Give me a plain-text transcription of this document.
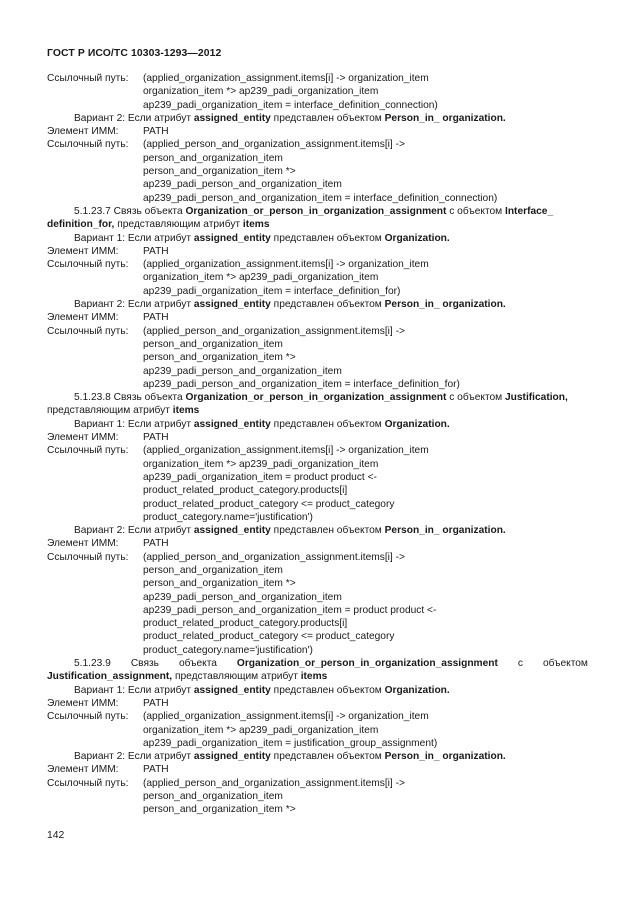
ГОСТ Р ИСО/ТС 10303-1293—2012
Ссылочный путь: (applied_organization_assignment.items[i] -> organization_item
organization_item *> ap239_padi_organization_item
ap239_padi_organization_item = interface_definition_connection)
Вариант 2: Если атрибут assigned_entity представлен объектом Person_in_ organization.
Элемент ИММ: PATH
Ссылочный путь: (applied_person_and_organization_assignment.items[i] ->
person_and_organization_item
person_and_organization_item *>
ap239_padi_person_and_organization_item
ap239_padi_person_and_organization_item = interface_definition_connection)
5.1.23.7 Связь объекта Organization_or_person_in_organization_assignment с объектом Interface_
definition_for, представляющим атрибут items
Вариант 1: Если атрибут assigned_entity представлен объектом Organization.
Элемент ИММ: PATH
Ссылочный путь: (applied_organization_assignment.items[i] -> organization_item
organization_item *> ap239_padi_organization_item
ap239_padi_organization_item = interface_definition_for)
Вариант 2: Если атрибут assigned_entity представлен объектом Person_in_ organization.
Элемент ИММ: PATH
Ссылочный путь: (applied_person_and_organization_assignment.items[i] ->
person_and_organization_item
person_and_organization_item *>
ap239_padi_person_and_organization_item
ap239_padi_person_and_organization_item = interface_definition_for)
5.1.23.8 Связь объекта Organization_or_person_in_organization_assignment с объектом Justification,
представляющим атрибут items
Вариант 1: Если атрибут assigned_entity представлен объектом Organization.
Элемент ИММ: PATH
Ссылочный путь: (applied_organization_assignment.items[i] -> organization_item
organization_item *> ap239_padi_organization_item
ap239_padi_organization_item = product product <-
product_related_product_category.products[i]
product_related_product_category <= product_category
product_category.name='justification')
Вариант 2: Если атрибут assigned_entity представлен объектом Person_in_ organization.
Элемент ИММ: PATH
Ссылочный путь: (applied_person_and_organization_assignment.items[i] ->
person_and_organization_item
person_and_organization_item *>
ap239_padi_person_and_organization_item
ap239_padi_person_and_organization_item = product product <-
product_related_product_category.products[i]
product_related_product_category <= product_category
product_category.name='justification')
5.1.23.9 Связь объекта Organization_or_person_in_organization_assignment с объектом
Justification_assignment, представляющим атрибут items
Вариант 1: Если атрибут assigned_entity представлен объектом Organization.
Элемент ИММ: PATH
Ссылочный путь: (applied_organization_assignment.items[i] -> organization_item
organization_item *> ap239_padi_organization_item
ap239_padi_organization_item = justification_group_assignment)
Вариант 2: Если атрибут assigned_entity представлен объектом Person_in_ organization.
Элемент ИММ: PATH
Ссылочный путь: (applied_person_and_organization_assignment.items[i] ->
person_and_organization_item
person_and_organization_item *>
142
